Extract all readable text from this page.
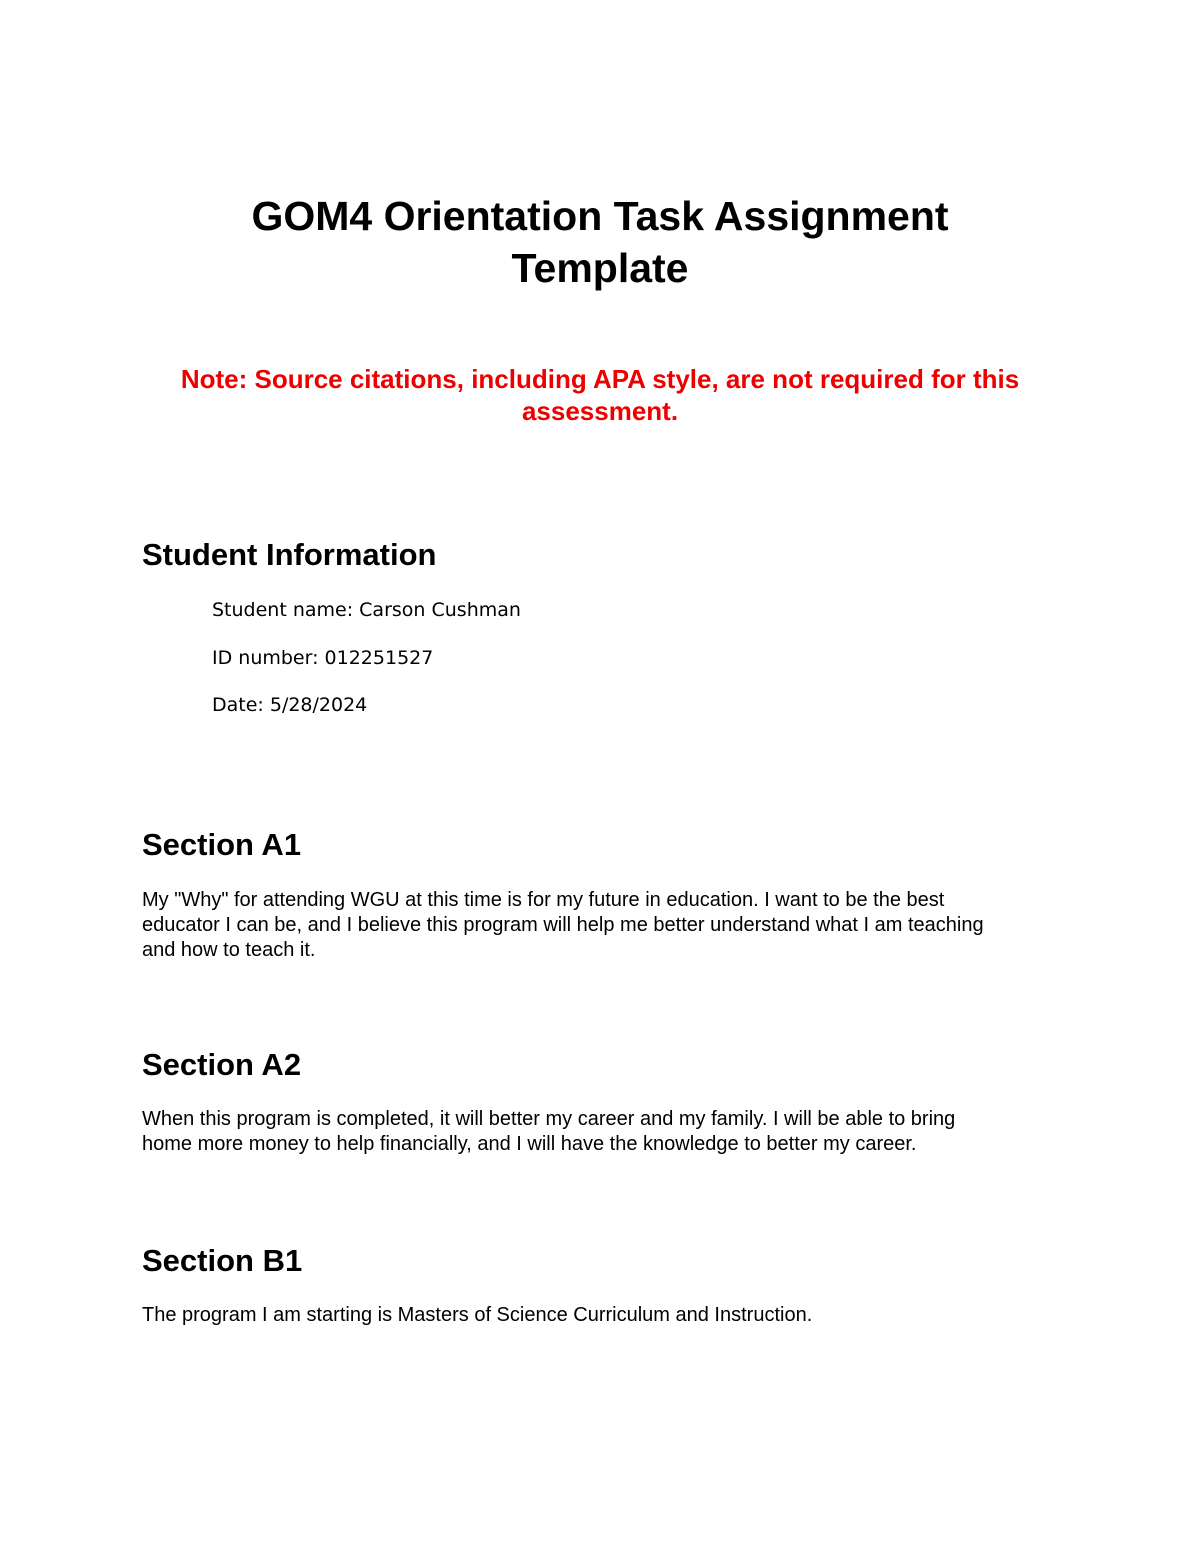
GOM4 Orientation Task Assignment
Template
Note: Source citations, including APA style, are not required for this
assessment.
Student Information
Student name: Carson Cushman
ID number: 012251527
Date: 5/28/2024
Section A1
My "Why" for attending WGU at this time is for my future in education. I want to be the best
educator I can be, and I believe this program will help me better understand what I am teaching
and how to teach it.
Section A2
When this program is completed, it will better my career and my family. I will be able to bring
home more money to help financially, and I will have the knowledge to better my career.
Section B1
The program I am starting is Masters of Science Curriculum and Instruction.
